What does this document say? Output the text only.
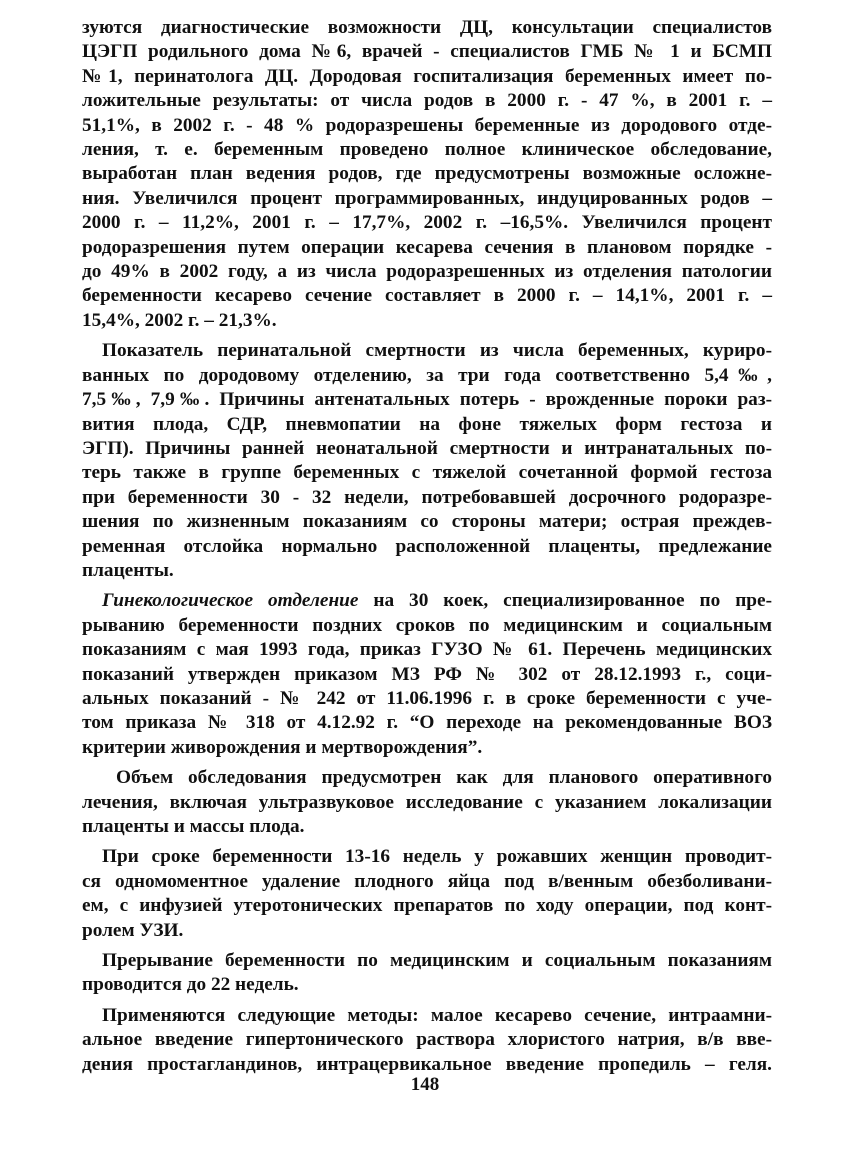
зуются диагностические возможности ДЦ, консультации специалистов
ЦЭГП родильного дома №6, врачей - специалистов ГМБ № 1 и БСМП
№1, перинатолога ДЦ. Дородовая госпитализация беременных имеет по-
ложительные результаты: от числа родов в 2000 г. - 47 %, в 2001 г. –
51,1%, в 2002 г. - 48 % родоразрешены беременные из дородового отде-
ления, т. е. беременным проведено полное клиническое обследование,
выработан план ведения родов, где предусмотрены возможные осложне-
ния. Увеличился процент программированных, индуцированных родов –
2000 г. – 11,2%, 2001 г. – 17,7%, 2002 г. –16,5%. Увеличился процент
родоразрешения путем операции кесарева сечения в плановом порядке -
до 49% в 2002 году, а из числа родоразрешенных из отделения патологии
беременности кесарево сечение составляет в 2000 г. – 14,1%, 2001 г. –
15,4%, 2002 г. – 21,3%.
Показатель перинатальной смертности из числа беременных, куриро-
ванных по дородовому отделению, за три года соответственно 5,4‰,
7,5‰, 7,9‰. Причины антенатальных потерь - врожденные пороки раз-
вития плода, СДР, пневмопатии на фоне тяжелых форм гестоза и
ЭГП). Причины ранней неонатальной смертности и интранатальных по-
терь также в группе беременных с тяжелой сочетанной формой гестоза
при беременности 30 - 32 недели, потребовавшей досрочного родоразре-
шения по жизненным показаниям со стороны матери; острая преждев-
ременная отслойка нормально расположенной плаценты, предлежание
плаценты.
Гинекологическое отделение на 30 коек, специализированное по пре-
рыванию беременности поздних сроков по медицинским и социальным
показаниям с мая 1993 года, приказ ГУЗО № 61. Перечень медицинских
показаний утвержден приказом МЗ РФ № 302 от 28.12.1993 г., соци-
альных показаний - № 242 от 11.06.1996 г. в сроке беременности с уче-
том приказа № 318 от 4.12.92 г. “О переходе на рекомендованные ВОЗ
критерии живорождения и мертворождения”.
Объем обследования предусмотрен как для планового оперативного
лечения, включая ультразвуковое исследование с указанием локализации
плаценты и массы плода.
При сроке беременности 13-16 недель у рожавших женщин проводит-
ся одномоментное удаление плодного яйца под в/венным обезболивани-
ем, с инфузией утеротонических препаратов по ходу операции, под конт-
ролем УЗИ.
Прерывание беременности по медицинским и социальным показаниям
проводится до 22 недель.
Применяются следующие методы: малое кесарево сечение, интраамни-
альное введение гипертонического раствора хлористого натрия, в/в вве-
дения простагландинов, интрацервикальное введение пропедиль – геля.
148
